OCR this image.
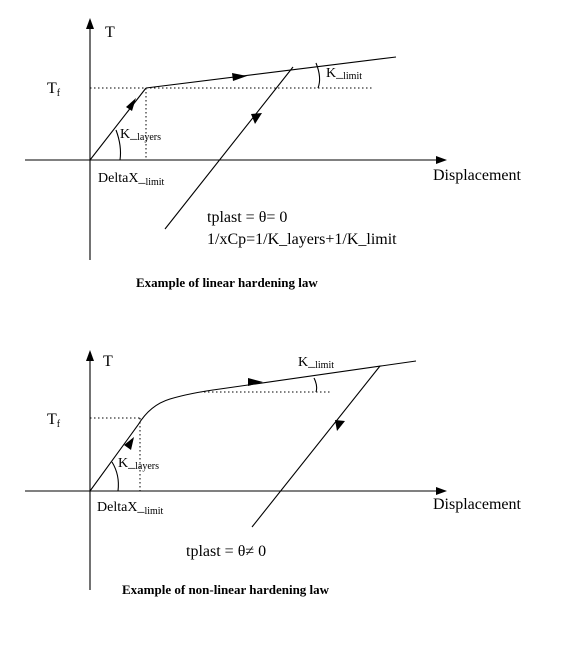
T
Tf
Displacement
K_layers
K_limit
$DeltaX\__{limit}$
tplast = θ= 0
1/xCp=1/K_layers+1/K_limit
Example of linear hardening law
T
Tf
Displacement
K_layers
K_limit
$DeltaX\__{limit}$
tplast = θ≠ 0
Example of non-linear hardening law
